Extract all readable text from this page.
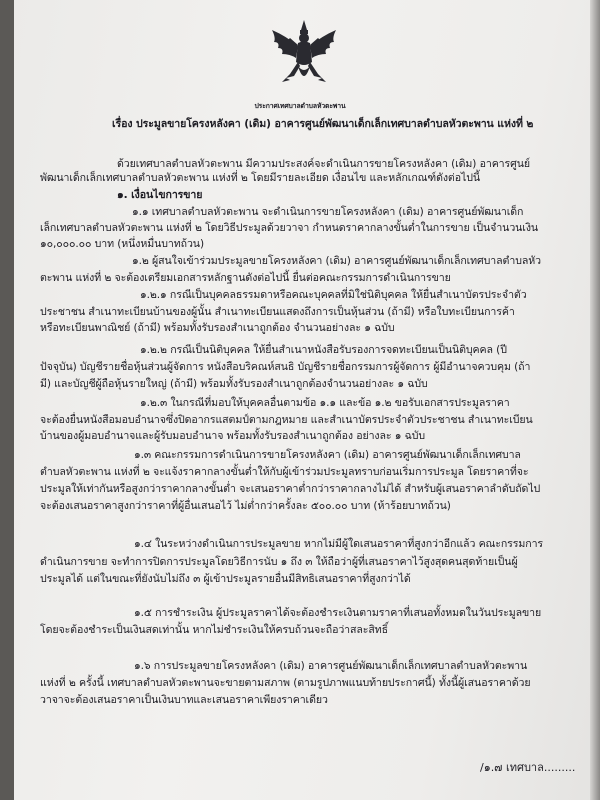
ประกาศเทศบาลตำบลหัวตะพาน
เรื่อง ประมูลขายโครงหลังคา (เดิม) อาคารศูนย์พัฒนาเด็กเล็กเทศบาลตำบลหัวตะพาน แห่งที่ ๒
ด้วยเทศบาลตำบลหัวตะพาน มีความประสงค์จะดำเนินการขายโครงหลังคา (เดิม) อาคารศูนย์
พัฒนาเด็กเล็กเทศบาลตำบลหัวตะพาน แห่งที่ ๒ โดยมีรายละเอียด เงื่อนไข และหลักเกณฑ์ดังต่อไปนี้
๑. เงื่อนไขการขาย
๑.๑ เทศบาลตำบลหัวตะพาน จะดำเนินการขายโครงหลังคา (เดิม) อาคารศูนย์พัฒนาเด็ก
เล็กเทศบาลตำบลหัวตะพาน แห่งที่ ๒ โดยวิธีประมูลด้วยวาจา กำหนดราคากลางขั้นต่ำในการขาย เป็นจำนวนเงิน
๑๐,๐๐๐.๐๐ บาท (หนึ่งหมื่นบาทถ้วน)
๑.๒ ผู้สนใจเข้าร่วมประมูลขายโครงหลังคา (เดิม) อาคารศูนย์พัฒนาเด็กเล็กเทศบาลตำบลหัว
ตะพาน แห่งที่ ๒ จะต้องเตรียมเอกสารหลักฐานดังต่อไปนี้ ยื่นต่อคณะกรรมการดำเนินการขาย
๑.๒.๑ กรณีเป็นบุคคลธรรมดาหรือคณะบุคคลที่มิใช่นิติบุคคล ให้ยื่นสำเนาบัตรประจำตัว
ประชาชน สำเนาทะเบียนบ้านของผู้นั้น สำเนาทะเบียนแสดงถึงการเป็นหุ้นส่วน (ถ้ามี) หรือใบทะเบียนการค้า
หรือทะเบียนพาณิชย์ (ถ้ามี) พร้อมทั้งรับรองสำเนาถูกต้อง จำนวนอย่างละ ๑ ฉบับ
๑.๒.๒ กรณีเป็นนิติบุคคล ให้ยื่นสำเนาหนังสือรับรองการจดทะเบียนเป็นนิติบุคคล (ปี
ปัจจุบัน) บัญชีรายชื่อหุ้นส่วนผู้จัดการ หนังสือบริคณห์สนธิ บัญชีรายชื่อกรรมการผู้จัดการ ผู้มีอำนาจควบคุม (ถ้า
มี) และบัญชีผู้ถือหุ้นรายใหญ่ (ถ้ามี) พร้อมทั้งรับรองสำเนาถูกต้องจำนวนอย่างละ ๑ ฉบับ
๑.๒.๓ ในกรณีที่มอบให้บุคคลอื่นตามข้อ ๑.๑ และข้อ ๑.๒ ขอรับเอกสารประมูลราคา
จะต้องยื่นหนังสือมอบอำนาจซึ่งปิดอากรแสตมป์ตามกฎหมาย และสำเนาบัตรประจำตัวประชาชน สำเนาทะเบียน
บ้านของผู้มอบอำนาจและผู้รับมอบอำนาจ พร้อมทั้งรับรองสำเนาถูกต้อง อย่างละ ๑ ฉบับ
๑.๓ คณะกรรมการดำเนินการขายโครงหลังคา (เดิม) อาคารศูนย์พัฒนาเด็กเล็กเทศบาล
ตำบลหัวตะพาน แห่งที่ ๒ จะแจ้งราคากลางขั้นต่ำให้กับผู้เข้าร่วมประมูลทราบก่อนเริ่มการประมูล โดยราคาที่จะ
ประมูลให้เท่ากันหรือสูงกว่าราคากลางขั้นต่ำ จะเสนอราคาต่ำกว่าราคากลางไม่ได้ สำหรับผู้เสนอราคาลำดับถัดไป
จะต้องเสนอราคาสูงกว่าราคาที่ผู้อื่นเสนอไว้ ไม่ต่ำกว่าครั้งละ ๕๐๐.๐๐ บาท (ห้าร้อยบาทถ้วน)
๑.๔ ในระหว่างดำเนินการประมูลขาย หากไม่มีผู้ใดเสนอราคาที่สูงกว่าอีกแล้ว คณะกรรมการ
ดำเนินการขาย จะทำการปิดการประมูลโดยวิธีการนับ ๑ ถึง ๓ ให้ถือว่าผู้ที่เสนอราคาไว้สูงสุดคนสุดท้ายเป็นผู้
ประมูลได้ แต่ในขณะที่ยังนับไม่ถึง ๓ ผู้เข้าประมูลรายอื่นมีสิทธิเสนอราคาที่สูงกว่าได้
๑.๕ การชำระเงิน ผู้ประมูลราคาได้จะต้องชำระเงินตามราคาที่เสนอทั้งหมดในวันประมูลขาย
โดยจะต้องชำระเป็นเงินสดเท่านั้น หากไม่ชำระเงินให้ครบถ้วนจะถือว่าสละสิทธิ์
๑.๖ การประมูลขายโครงหลังคา (เดิม) อาคารศูนย์พัฒนาเด็กเล็กเทศบาลตำบลหัวตะพาน
แห่งที่ ๒ ครั้งนี้ เทศบาลตำบลหัวตะพานจะขายตามสภาพ (ตามรูปภาพแนบท้ายประกาศนี้) ทั้งนี้ผู้เสนอราคาด้วย
วาจาจะต้องเสนอราคาเป็นเงินบาทและเสนอราคาเพียงราคาเดียว
/๑.๗ เทศบาล.........
